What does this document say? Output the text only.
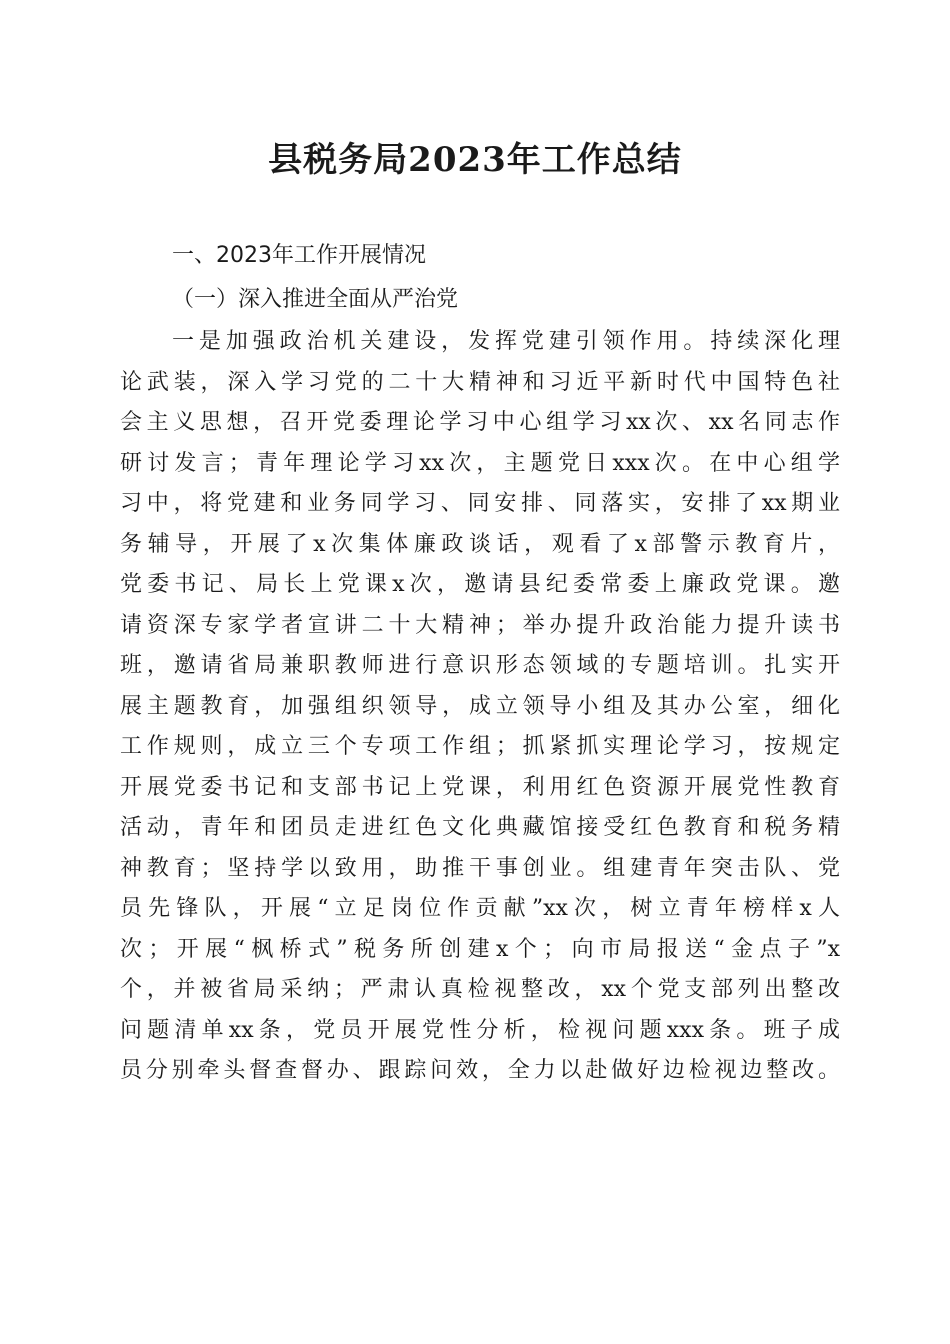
县税务局2023年工作总结
一、2023年工作开展情况
（一）深入推进全面从严治党
一是加强政治机关建设，发挥党建引领作用。持续深化理
论武装，深入学习党的二十大精神和习近平新时代中国特色社
会主义思想，召开党委理论学习中心组学习xx次、xx名同志作
研讨发言；青年理论学习xx次，主题党日xxx次。在中心组学
习中，将党建和业务同学习、同安排、同落实，安排了xx期业
务辅导，开展了x次集体廉政谈话，观看了x部警示教育片，
党委书记、局长上党课x次，邀请县纪委常委上廉政党课。邀
请资深专家学者宣讲二十大精神；举办提升政治能力提升读书
班，邀请省局兼职教师进行意识形态领域的专题培训。扎实开
展主题教育，加强组织领导，成立领导小组及其办公室，细化
工作规则，成立三个专项工作组；抓紧抓实理论学习，按规定
开展党委书记和支部书记上党课，利用红色资源开展党性教育
活动，青年和团员走进红色文化典藏馆接受红色教育和税务精
神教育；坚持学以致用，助推干事创业。组建青年突击队、党
员先锋队，开展“立足岗位作贡献”xx次，树立青年榜样x人
次；开展“枫桥式”税务所创建x个；向市局报送“金点子”x
个，并被省局采纳；严肃认真检视整改，xx个党支部列出整改
问题清单xx条，党员开展党性分析，检视问题xxx条。班子成
员分别牵头督查督办、跟踪问效，全力以赴做好边检视边整改。
